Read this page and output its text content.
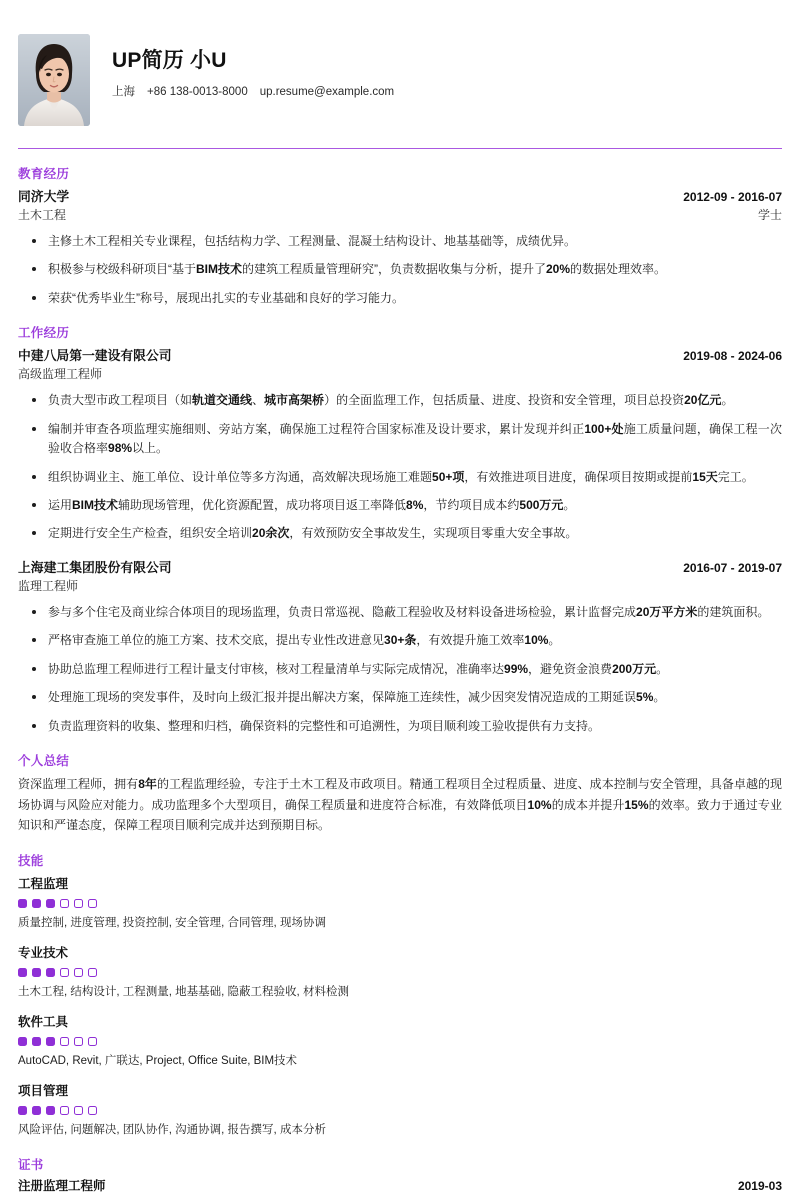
UP简历 小U
上海 +86 138-0013-8000 up.resume@example.com
教育经历
同济大学	2012-09 - 2016-07
土木工程	学士
主修土木工程相关专业课程，包括结构力学、工程测量、混凝土结构设计、地基基础等，成绩优异。
积极参与校级科研项目“基于BIM技术的建筑工程质量管理研究”，负责数据收集与分析，提升了20%的数据处理效率。
荣获“优秀毕业生”称号，展现出扎实的专业基础和良好的学习能力。
工作经历
中建八局第一建设有限公司	2019-08 - 2024-06
高级监理工程师
负责大型市政工程项目（如轨道交通线、城市高架桥）的全面监理工作，包括质量、进度、投资和安全管理，项目总投资20亿元。
编制并审查各项监理实施细则、旁站方案，确保施工过程符合国家标准及设计要求，累计发现并纠正100+处施工质量问题，确保工程一次验收合格率98%以上。
组织协调业主、施工单位、设计单位等多方沟通，高效解决现场施工难题50+项，有效推进项目进度，确保项目按期或提前15天完工。
运用BIM技术辅助现场管理，优化资源配置，成功将项目返工率降低8%，节约项目成本约500万元。
定期进行安全生产检查，组织安全培训20余次，有效预防安全事故发生，实现项目零重大安全事故。
上海建工集团股份有限公司	2016-07 - 2019-07
监理工程师
参与多个住宅及商业综合体项目的现场监理，负责日常巡视、隐蔽工程验收及材料设备进场检验，累计监督完成20万平方米的建筑面积。
严格审查施工单位的施工方案、技术交底，提出专业性改进意见30+条，有效提升施工效率10%。
协助总监理工程师进行工程计量支付审核，核对工程量清单与实际完成情况，准确率达99%，避免资金浪费200万元。
处理施工现场的突发事件，及时向上级汇报并提出解决方案，保障施工连续性，减少因突发情况造成的工期延误5%。
负责监理资料的收集、整理和归档，确保资料的完整性和可追溯性，为项目顺利竣工验收提供有力支持。
个人总结
资深监理工程师，拥有8年的工程监理经验，专注于土木工程及市政项目。精通工程项目全过程质量、进度、成本控制与安全管理，具备卓越的现场协调与风险应对能力。成功监理多个大型项目，确保工程质量和进度符合标准，有效降低项目10%的成本并提升15%的效率。致力于通过专业知识和严谨态度，保障工程项目顺利完成并达到预期目标。
技能
工程监理
质量控制, 进度管理, 投资控制, 安全管理, 合同管理, 现场协调
专业技术
土木工程, 结构设计, 工程测量, 地基基础, 隐蔽工程验收, 材料检测
软件工具
AutoCAD, Revit, 广联达, Project, Office Suite, BIM技术
项目管理
风险评估, 问题解决, 团队协作, 沟通协调, 报告撰写, 成本分析
证书
注册监理工程师	2019-03
